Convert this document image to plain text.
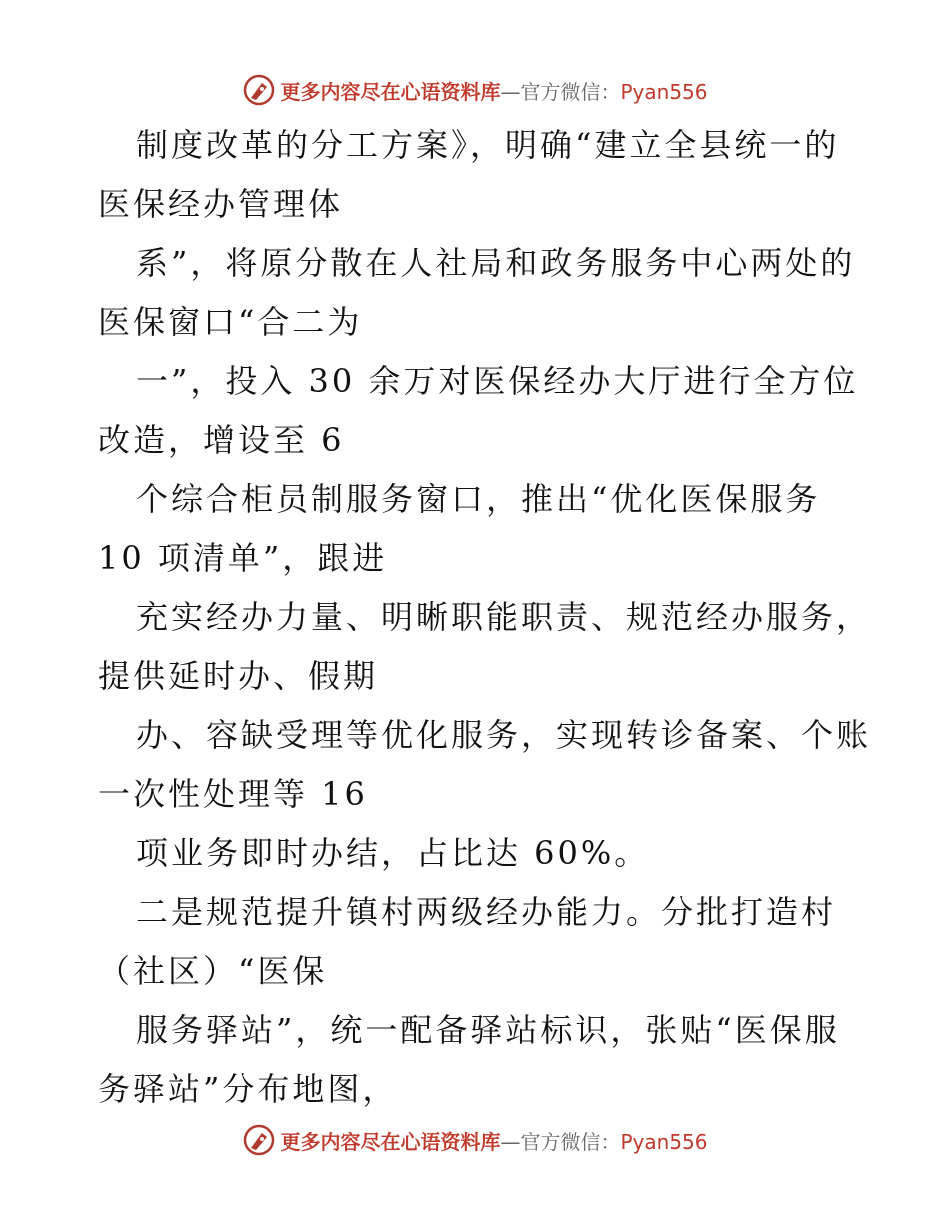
更多内容尽在心语资料库—官方微信：Pyan556
制度改革的分工方案》，明确“建立全县统一的
医保经办管理体
系”，将原分散在人社局和政务服务中心两处的
医保窗口“合二为
一”，投入 30 余万对医保经办大厅进行全方位
改造，增设至 6
个综合柜员制服务窗口，推出“优化医保服务
10 项清单”，跟进
充实经办力量、明晰职能职责、规范经办服务，
提供延时办、假期
办、容缺受理等优化服务，实现转诊备案、个账
一次性处理等 16
项业务即时办结，占比达 60%。
二是规范提升镇村两级经办能力。分批打造村
（社区）“医保
服务驿站”，统一配备驿站标识，张贴“医保服
务驿站”分布地图，
更多内容尽在心语资料库—官方微信：Pyan556
